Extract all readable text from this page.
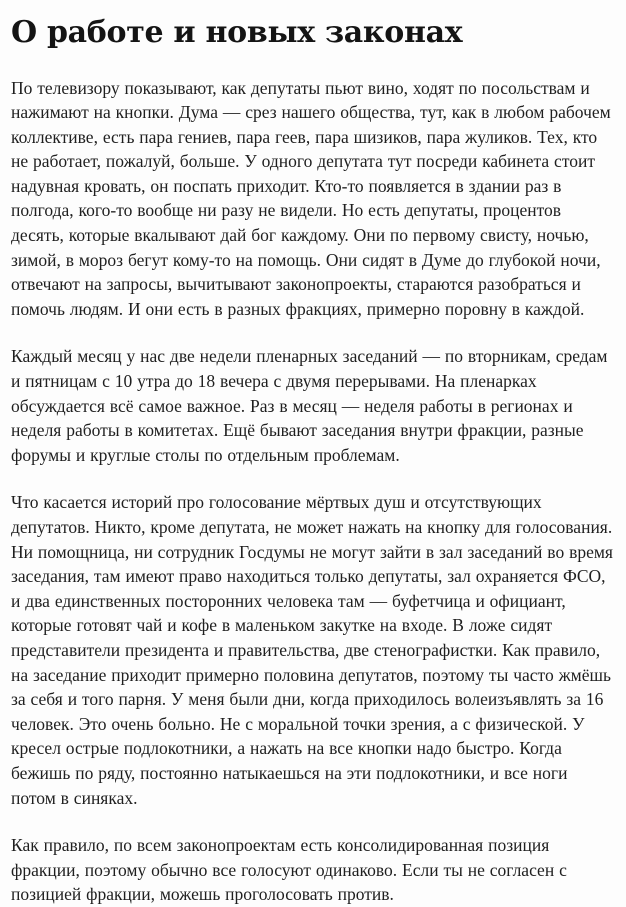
О работе и новых законах

По телевизору показывают, как депутаты пьют вино, ходят по посольствам и нажимают на кнопки. Дума — срез нашего общества, тут, как в любом рабочем коллективе, есть пара гениев, пара геев, пара шизиков, пара жуликов. Тех, кто не работает, пожалуй, больше. У одного депутата тут посреди кабинета стоит надувная кровать, он поспать приходит. Кто-то появляется в здании раз в полгода, кого-то вообще ни разу не видели. Но есть депутаты, процентов десять, которые вкалывают дай бог каждому. Они по первому свисту, ночью, зимой, в мороз бегут кому-то на помощь. Они сидят в Думе до глубокой ночи, отвечают на запросы, вычитывают законопроекты, стараются разобраться и помочь людям. И они есть в разных фракциях, примерно поровну в каждой.

Каждый месяц у нас две недели пленарных заседаний — по вторникам, средам и пятницам с 10 утра до 18 вечера с двумя перерывами. На пленарках обсуждается всё самое важное. Раз в месяц — неделя работы в регионах и неделя работы в комитетах. Ещё бывают заседания внутри фракции, разные форумы и круглые столы по отдельным проблемам.

Что касается историй про голосование мёртвых душ и отсутствующих депутатов. Никто, кроме депутата, не может нажать на кнопку для голосования. Ни помощница, ни сотрудник Госдумы не могут зайти в зал заседаний во время заседания, там имеют право находиться только депутаты, зал охраняется ФСО, и два единственных посторонних человека там — буфетчица и официант, которые готовят чай и кофе в маленьком закутке на входе. В ложе сидят представители президента и правительства, две стенографистки. Как правило, на заседание приходит примерно половина депутатов, поэтому ты часто жмёшь за себя и того парня. У меня были дни, когда приходилось волеизъявлять за 16 человек. Это очень больно. Не с моральной точки зрения, а с физической. У кресел острые подлокотники, а нажать на все кнопки надо быстро. Когда бежишь по ряду, постоянно натыкаешься на эти подлокотники, и все ноги потом в синяках.

Как правило, по всем законопроектам есть консолидированная позиция фракции, поэтому обычно все голосуют одинаково. Если ты не согласен с позицией фракции, можешь проголосовать против.
